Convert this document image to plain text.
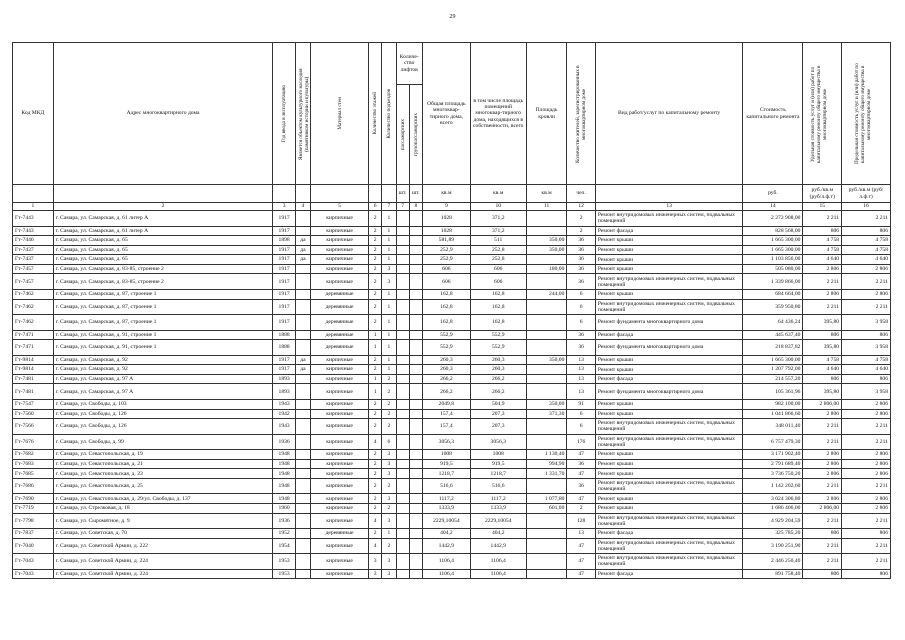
29
Код МКД	Адрес многоквартирного дома	Год ввода в эксплуатацию	Является объектом культурного наследия (памятником истории и культуры)	Материал стен	Количество этажей	Количество подъездов	Количе-ство лифтов		Общая площадь многоквар-тирного дома, всего	в том числе площадь помещений многоквар-тирного дома, находящихся в собственности, всего	Площадь кровли	Количество жителей, зарегистрированных в многоквартирном доме	Вид работ/услуг по капитальному ремонту	Стоимость капитального ремонта	Удельная стоимость услуг и (или) работ по капитальному ремонту общего имущества в многоквартирном доме	Предельная стоимость услуг и (или) работ по капитальному ремонту общего имущества в многоквартирном доме

							пассажирских	грузопассажирских								

							шт.	шт.	кв.м	кв.м	кв.м	чел.		руб.	руб./кв.м (руб/л.ф.т)	руб./кв.м (руб/л.ф.т)
1	2	3	4	5	6	7	7	8	9	10	11	12	13	14	15	16
Гт-7443	г. Самара, ул. Самарская, д. 61 литер А	1917		кирпичные	2	1			1028	371,2		2	Ремонт внутридомовых инженерных систем, подвальных помещений	2 272 908,00	2 211	2 211
Гт-7443	г. Самара, ул. Самарская, д. 61 литер А	1917		кирпичные	2	1			1028	371,2		2	Ремонт фасада	828 568,00	806	806
Гт-7446	г. Самара, ул. Самарская, д. 65	1898	да	кирпичные	2	1			581,89	511	350,00	36	Ремонт крыши	1 665 300,00	4 758	4 758
Гт-7437	г. Самара, ул. Самарская, д. 65	1917	да	кирпичные	2	1			252,9	252,8	350,00	36	Ремонт крыши	1 665 300,00	4 758	4 758
Гт-7437	г. Самара, ул. Самарская, д. 65	1917	да	кирпичные	2	1			252,9	252,8		36	Ремонт крыши	1 103 856,00	4 640	4 640
Гт-7457	г. Самара, ул. Самарская, д. 83-85, строение 2	1917		кирпичные	2	3			606	606	180,00	36	Ремонт крыши	505 080,00	2 806	2 806
Гт-7457	г. Самара, ул. Самарская, д. 83-85, строение 2	1917		кирпичные	2	3			606	606		36	Ремонт внутридомовых инженерных систем, подвальных помещений	1 339 866,00	2 211	2 211
Гт-7462	г. Самара, ул. Самарская, д. 87, строение 1	1917		деревянные	2	1			162,8	162,8	244,00	6	Ремонт крыши	684 664,00	2 806	2 806
Гт-7462	г. Самара, ул. Самарская, д. 87, строение 1	1917		деревянные	2	1			162,8	162,8		6	Ремонт внутридомовых инженерных систем, подвальных помещений	359 950,80	2 211	2 211
Гт-7462	г. Самара, ул. Самарская, д. 87, строение 1	1917		деревянные	2	1			162,8	162,8		6	Ремонт фундамента многоквартирного дома	64 436,24	395,80	3 958
Гт-7471	г. Самара, ул. Самарская, д. 91, строение 1	1888		деревянные	1	1			552,9	552,9		36	Ремонт фасада	445 637,40	806	806
Гт-7471	г. Самара, ул. Самарская, д. 91, строение 1	1888		деревянные	1	1			552,9	552,9		36	Ремонт фундамента многоквартирного дома	218 837,82	395,80	3 958
Гт-9814	г. Самара, ул. Самарская, д. 92	1917	да	кирпичные	2	1			260,3	260,3	350,00	13	Ремонт крыши	1 665 300,00	4 758	4 758
Гт-9814	г. Самара, ул. Самарская, д. 92	1917	да	кирпичные	2	1			260,3	260,3		13	Ремонт крыши	1 207 792,00	4 640	4 640
Гт-7481	г. Самара, ул. Самарская, д. 97 А	1893		кирпичные	1	2			266,2	266,2		13	Ремонт фасада	214 557,20	806	806
Гт-7481	г. Самара, ул. Самарская, д. 97 А	1893		кирпичные	1	2			266,2	266,2		13	Ремонт фундамента многоквартирного дома	105 361,96	395,80	3 958
Гт-7547	г. Самара, ул. Свободы, д. 103	1943		кирпичные	2	2			2049,8	504,9	350,00	91	Ремонт крыши	982 100,00	2 806,00	2 806
Гт-7560	г. Самара, ул. Свободы, д. 126	1942		кирпичные	2	2			157,4	207,3	371,30	6	Ремонт крыши	1 041 866,60	2 806	2 806
Гт-7566	г. Самара, ул. Свободы, д. 126	1943		кирпичные	2	2			157,4	207,3		6	Ремонт внутридомовых инженерных систем, подвальных помещений	348 011,40	2 211	2 211
Гт-7676	г. Самара, ул. Свободы, д. 99	1936		кирпичные	4	6			3056,3	3056,3		176	Ремонт внутридомовых инженерных систем, подвальных помещений	6 757 479,30	2 211	2 211
Гт-7682	г. Самара, ул. Севастопольская, д. 19	1948		кирпичные	2	3			1008	1008	1 130,40	47	Ремонт крыши	3 171 902,40	2 806	2 806
Гт-7683	г. Самара, ул. Севастопольская, д. 21	1948		кирпичные	2	3			919,5	919,5	994,90	36	Ремонт крыши	2 791 689,40	2 806	2 806
Гт-7685	г. Самара, ул. Севастопольская, д. 23	1948		кирпичные	2	3			1218,7	1218,7	1 331,70	47	Ремонт крыши	3 736 750,20	2 806	2 806
Гт-7686	г. Самара, ул. Севастопольская, д. 25	1948		кирпичные	2	2			516,6	516,6		36	Ремонт внутридомовых инженерных систем, подвальных помещений	1 142 202,60	2 211	2 211
Гт-7690	г. Самара, ул. Севастопольская, д. 29/ул. Свободы, д. 137	1948		кирпичные	2	3			1117,2	1117,2	1 077,80	47	Ремонт крыши	3 024 306,80	2 806	2 806
Гт-7719	г. Самара, ул. Стрелковая, д. 18	1960		кирпичные	2	2			1333,9	1333,9	601,00	2	Ремонт крыши	1 686 406,00	2 806,00	2 806
Гт-7798	г. Самара, ул. Сыромятное, д. 9	1936		кирпичные	4	3			2229,10054	2229,10054		128	Ремонт внутридомовых инженерных систем, подвальных помещений	4 929 204,59	2 211	2 211
Гт-7837	г. Самара, ул. Советская, д. 70	1952		деревянные	2	1			404,2	404,2		13	Ремонт фасада	325 785,20	806	806
Гт-7040	г. Самара, ул. Советской Армии, д. 222	1954		кирпичные	4	2			1442,9	1442,9		47	Ремонт внутридомовых инженерных систем, подвальных помещений	3 190 251,90	2 211	2 211
Гт-7043	г. Самара, ул. Советской Армии, д. 224	1953		кирпичные	3	3			1106,4	1106,4		47	Ремонт внутридомовых инженерных систем, подвальных помещений	2 446 250,40	2 211	2 211
Гт-7043	г. Самара, ул. Советской Армии, д. 224	1953		кирпичные	3	3			1106,4	1106,4		47	Ремонт фасада	891 758,40	806	806
